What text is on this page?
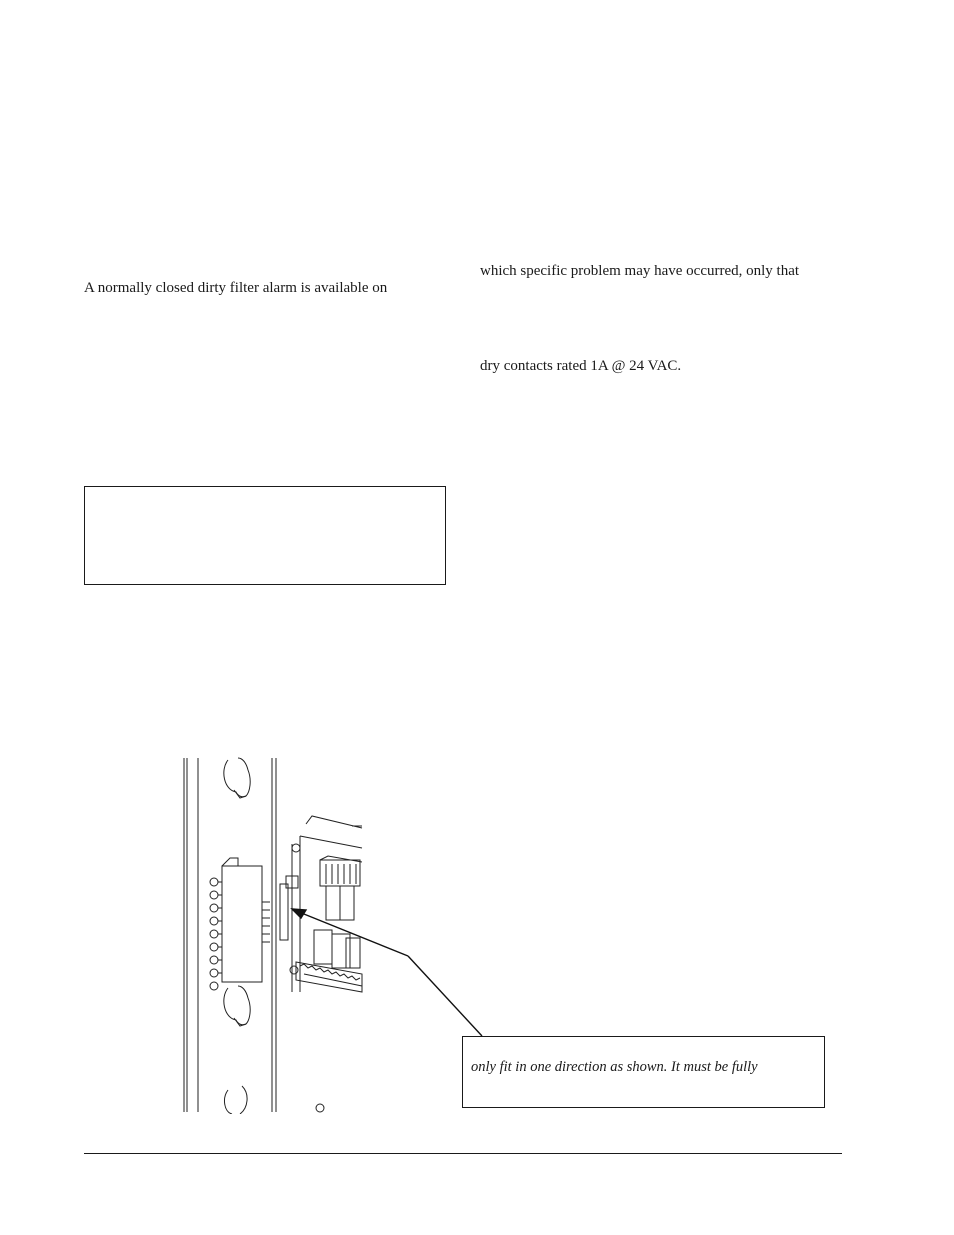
A normally closed dirty filter alarm is available on
which specific problem may have occurred, only that
dry contacts rated 1A @ 24 VAC.
only fit in one direction as shown. It must be fully
